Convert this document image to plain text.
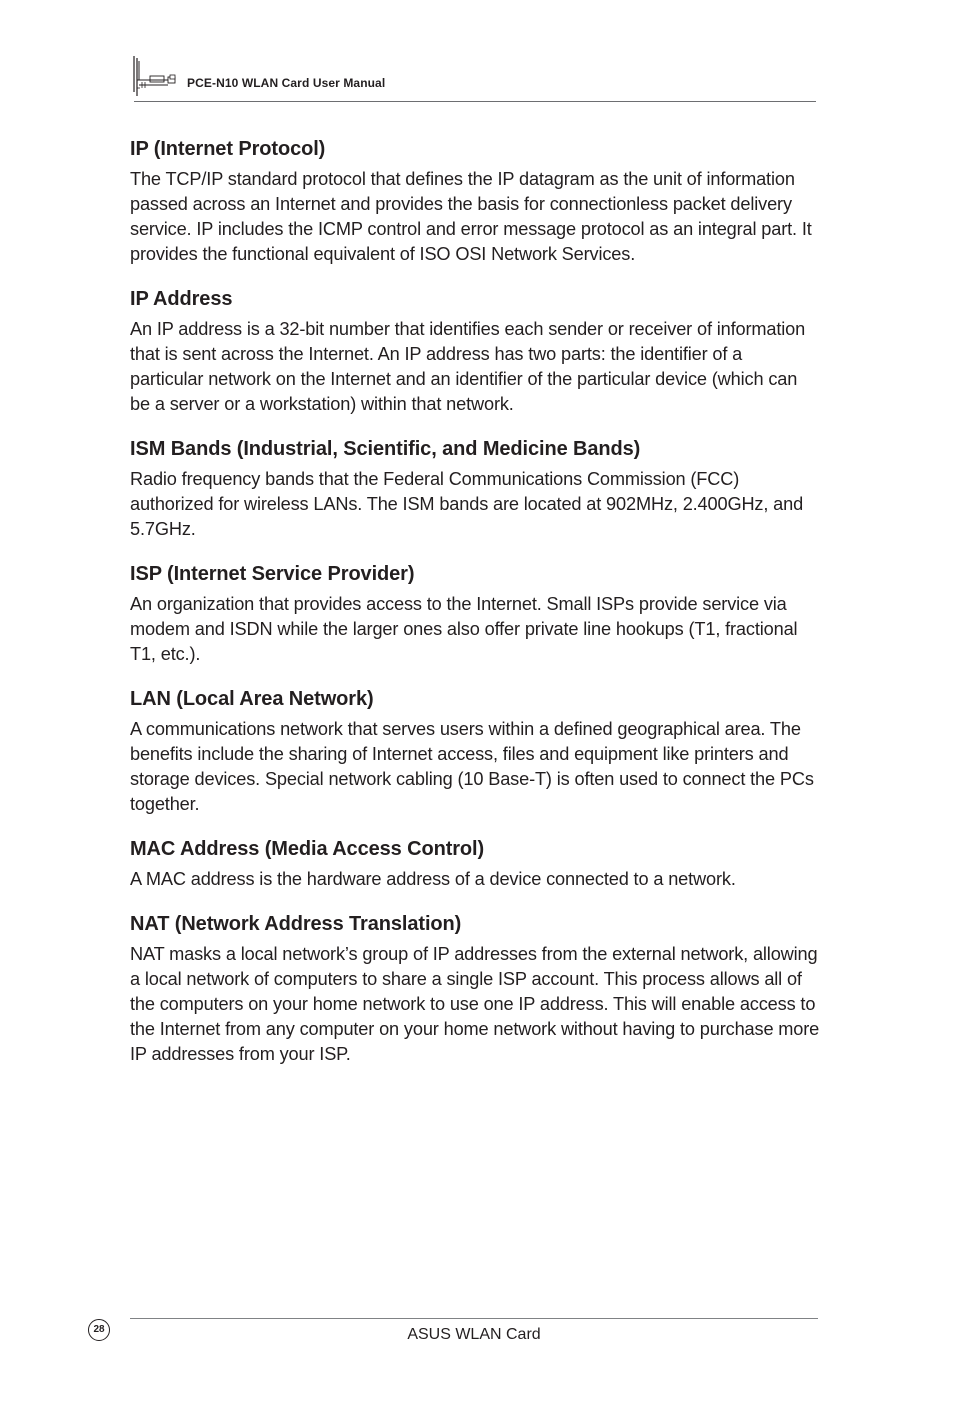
PCE-N10 WLAN Card User Manual
IP (Internet Protocol)

The TCP/IP standard protocol that defines the IP datagram as the unit of information passed across an Internet and provides the basis for connectionless packet delivery service. IP includes the ICMP control and error message protocol as an integral part. It provides the functional equivalent of ISO OSI Network Services.

IP Address

An IP address is a 32-bit number that identifies each sender or receiver of information that is sent across the Internet. An IP address has two parts: the identifier of a particular network on the Internet and an identifier of the particular device (which can be a server or a workstation) within that network.

ISM Bands (Industrial, Scientific, and Medicine Bands)

Radio frequency bands that the Federal Communications Commission (FCC) authorized for wireless LANs. The ISM bands are located at 902MHz, 2.400GHz, and 5.7GHz.

ISP (Internet Service Provider)

An organization that provides access to the Internet. Small ISPs provide service via modem and ISDN while the larger ones also offer private line hookups (T1, fractional T1, etc.).

LAN (Local Area Network)

A communications network that serves users within a defined geographical area. The benefits include the sharing of Internet access, files and equipment like printers and storage devices. Special network cabling (10 Base-T) is often used to connect the PCs together.

MAC Address (Media Access Control)

A MAC address is the hardware address of a device connected to a network.

NAT (Network Address Translation)

NAT masks a local network’s group of IP addresses from the external network, allowing a local network of computers to share a single ISP account. This process allows all of the computers on your home network to use one IP address. This will enable access to the Internet from any computer on your home network without having to purchase more IP addresses from your ISP.

28	ASUS WLAN Card
